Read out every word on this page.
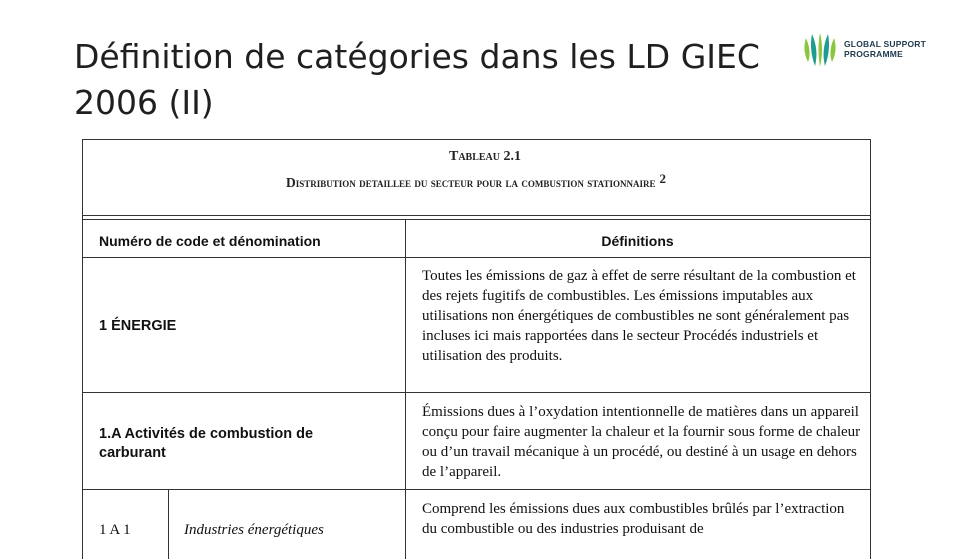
Définition de catégories dans les LD GIEC
2006 (II)
GLOBAL SUPPORT
PROGRAMME
Tableau 2.1
Distribution detaillee du secteur pour la combustion stationnaire $^2$
Numéro de code et dénomination	Définitions
1 ÉNERGIE
Toutes les émissions de gaz à effet de serre résultant de la combustion et des rejets fugitifs de combustibles. Les émissions imputables aux utilisations non énergétiques de combustibles ne sont généralement pas incluses ici mais rapportées dans le secteur Procédés industriels et utilisation des produits.
1.A Activités de combustion de carburant
Émissions dues à l’oxydation intentionnelle de matières dans un appareil conçu pour faire augmenter la chaleur et la fournir sous forme de chaleur ou d’un travail mécanique à un procédé, ou destiné à un usage en dehors de l’appareil.
1 A 1	Industries énergétiques
Comprend les émissions dues aux combustibles brûlés par l’extraction du combustible ou des industries produisant de
